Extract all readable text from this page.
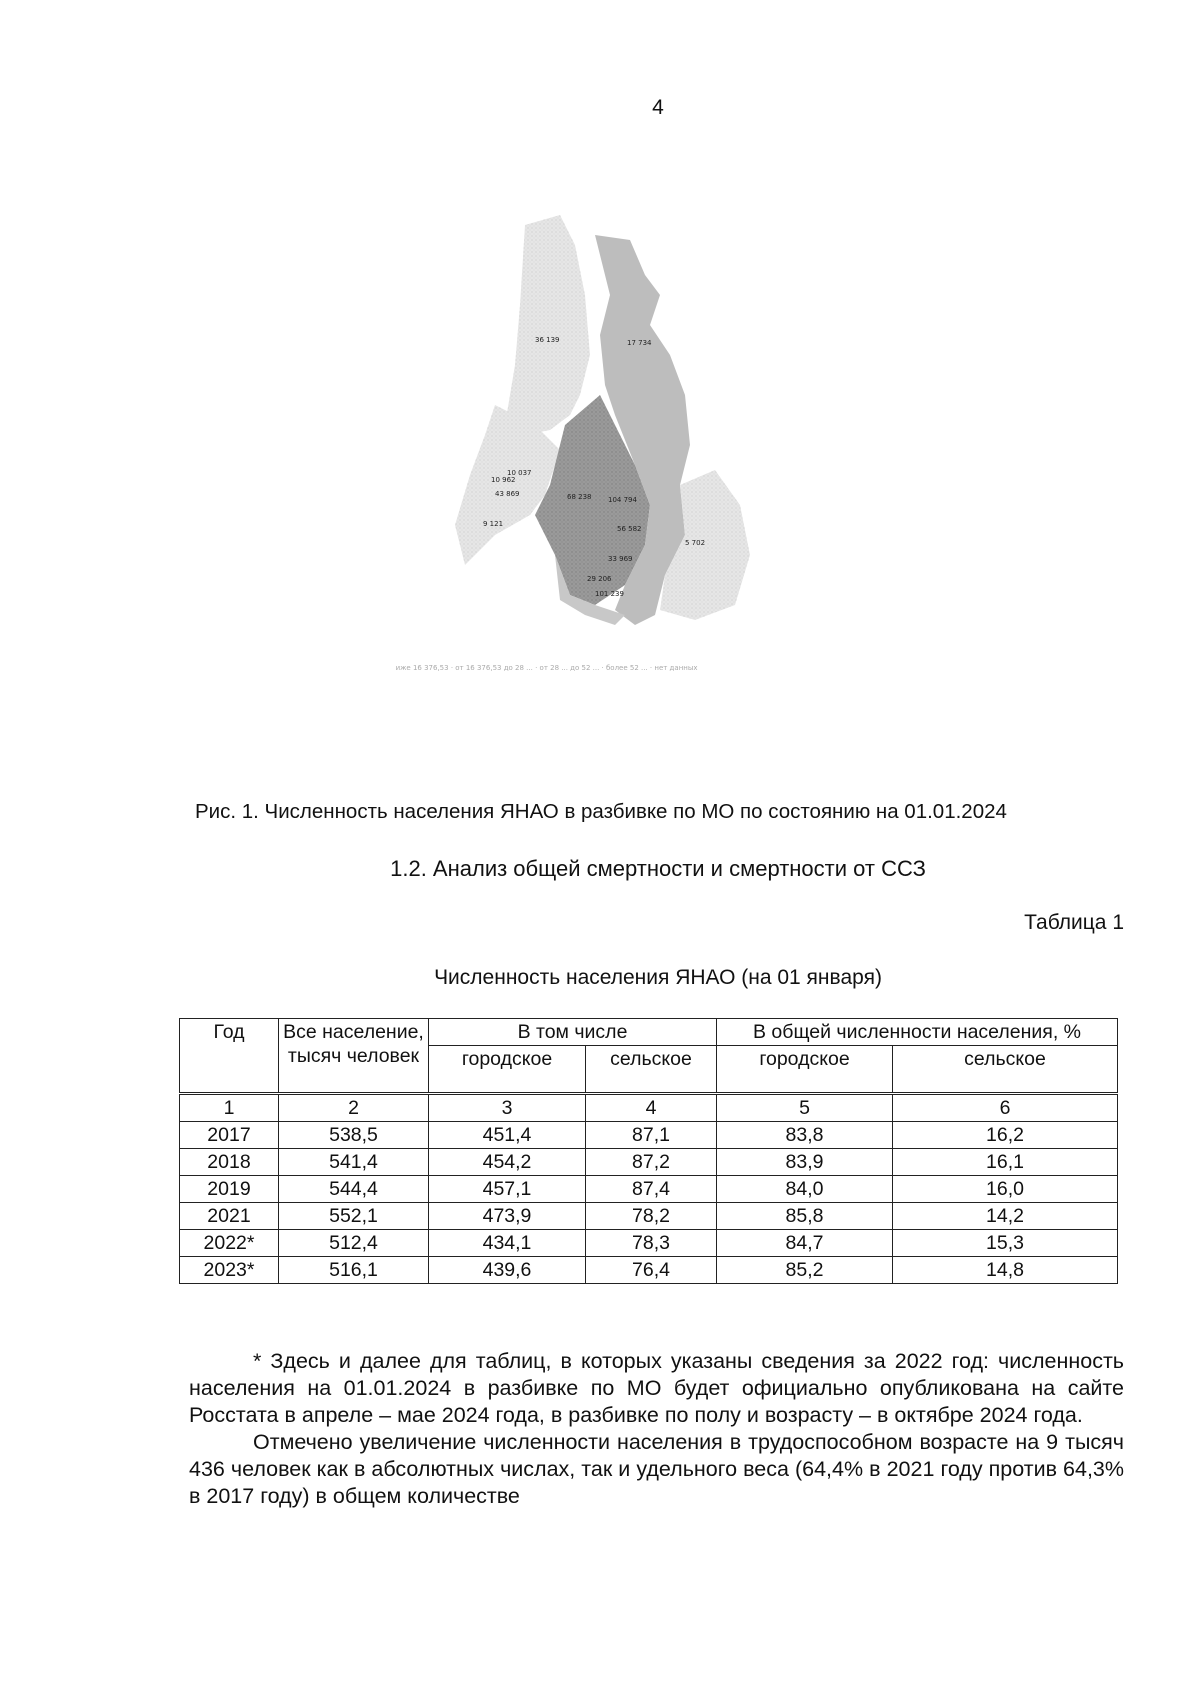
4
36 139	17 734
10 037
10 962
43 869
9 121
68 238 104 794
56 582
33 969
29 206
101 239
5 702
ниже 16 376,53 · от 16 376,53 до 28 ... · от 28 ... до 52 ... · более 52 ... · нет данных
Рис. 1. Численность населения ЯНАО в разбивке по МО по состоянию на 01.01.2024
1.2. Анализ общей смертности и смертности от ССЗ
Таблица 1
Численность населения ЯНАО (на 01 января)
Год	Все население, тысяч человек	В том числе		В общей численности населения, %	
		городское	сельское	городское	сельское
1	2	3	4	5	6
2017	538,5	451,4	87,1	83,8	16,2
2018	541,4	454,2	87,2	83,9	16,1
2019	544,4	457,1	87,4	84,0	16,0
2021	552,1	473,9	78,2	85,8	14,2
2022*	512,4	434,1	78,3	84,7	15,3
2023*	516,1	439,6	76,4	85,2	14,8

* Здесь и далее для таблиц, в которых указаны сведения за 2022 год: численность населения на 01.01.2024 в разбивке по МО будет официально опубликована на сайте Росстата в апреле – мае 2024 года, в разбивке по полу и возрасту – в октябре 2024 года.

Отмечено увеличение численности населения в трудоспособном возрасте на 9 тысяч 436 человек как в абсолютных числах, так и удельного веса (64,4% в 2021 году против 64,3% в 2017 году) в общем количестве
